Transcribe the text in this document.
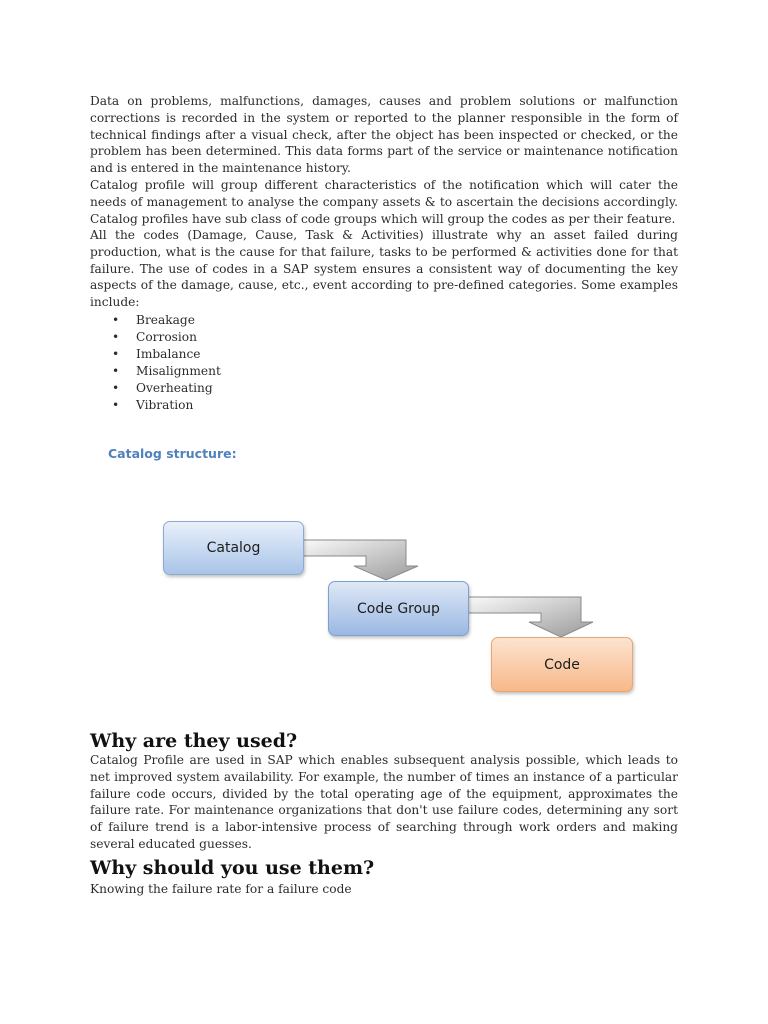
Data on problems, malfunctions, damages, causes and problem solutions or malfunction corrections is recorded in the system or reported to the planner responsible in the form of technical findings after a visual check, after the object has been inspected or checked, or the problem has been determined. This data forms part of the service or maintenance notification and is entered in the maintenance history.

Catalog profile will group different characteristics of the notification which will cater the needs of management to analyse the company assets & to ascertain the decisions accordingly. Catalog profiles have sub class of code groups which will group the codes as per their feature.

All the codes (Damage, Cause, Task & Activities) illustrate why an asset failed during production, what is the cause for that failure, tasks to be performed & activities done for that failure. The use of codes in a SAP system ensures a consistent way of documenting the key aspects of the damage, cause, etc., event according to pre-defined categories. Some examples include:

• Breakage
• Corrosion
• Imbalance
• Misalignment
• Overheating
• Vibration
Catalog structure:
Catalog
Code Group
Code
Why are they used?

Catalog Profile are used in SAP which enables subsequent analysis possible, which leads to net improved system availability. For example, the number of times an instance of a particular failure code occurs, divided by the total operating age of the equipment, approximates the failure rate. For maintenance organizations that don't use failure codes, determining any sort of failure trend is a labor-intensive process of searching through work orders and making several educated guesses.

Why should you use them?

Knowing the failure rate for a failure code
